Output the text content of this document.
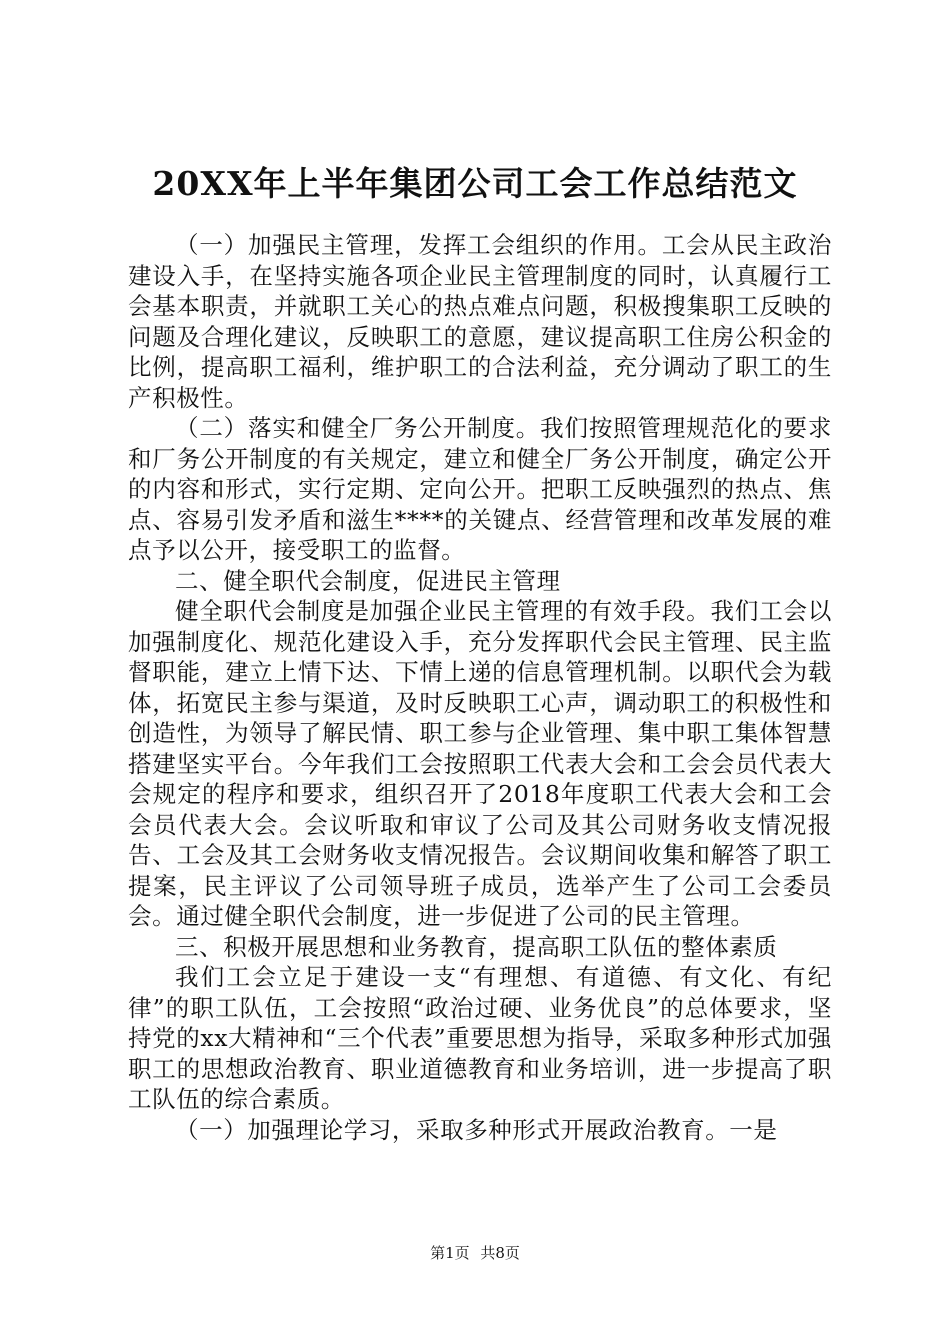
20XX年上半年集团公司工会工作总结范文

（一）加强民主管理，发挥工会组织的作用。工会从民主政治建设入手，在坚持实施各项企业民主管理制度的同时，认真履行工会基本职责，并就职工关心的热点难点问题，积极搜集职工反映的问题及合理化建议，反映职工的意愿，建议提高职工住房公积金的比例，提高职工福利，维护职工的合法利益，充分调动了职工的生产积极性。

（二）落实和健全厂务公开制度。我们按照管理规范化的要求和厂务公开制度的有关规定，建立和健全厂务公开制度，确定公开的内容和形式，实行定期、定向公开。把职工反映强烈的热点、焦点、容易引发矛盾和滋生****的关键点、经营管理和改革发展的难点予以公开，接受职工的监督。

二、健全职代会制度，促进民主管理

健全职代会制度是加强企业民主管理的有效手段。我们工会以加强制度化、规范化建设入手，充分发挥职代会民主管理、民主监督职能，建立上情下达、下情上递的信息管理机制。以职代会为载体，拓宽民主参与渠道，及时反映职工心声，调动职工的积极性和创造性，为领导了解民情、职工参与企业管理、集中职工集体智慧搭建坚实平台。今年我们工会按照职工代表大会和工会会员代表大会规定的程序和要求，组织召开了2018年度职工代表大会和工会会员代表大会。会议听取和审议了公司及其公司财务收支情况报告、工会及其工会财务收支情况报告。会议期间收集和解答了职工提案，民主评议了公司领导班子成员，选举产生了公司工会委员会。通过健全职代会制度，进一步促进了公司的民主管理。

三、积极开展思想和业务教育，提高职工队伍的整体素质

我们工会立足于建设一支“有理想、有道德、有文化、有纪律”的职工队伍，工会按照“政治过硬、业务优良”的总体要求，坚持党的xx大精神和“三个代表”重要思想为指导，采取多种形式加强职工的思想政治教育、职业道德教育和业务培训，进一步提高了职工队伍的综合素质。

（一）加强理论学习，采取多种形式开展政治教育。一是

第1页 共8页
